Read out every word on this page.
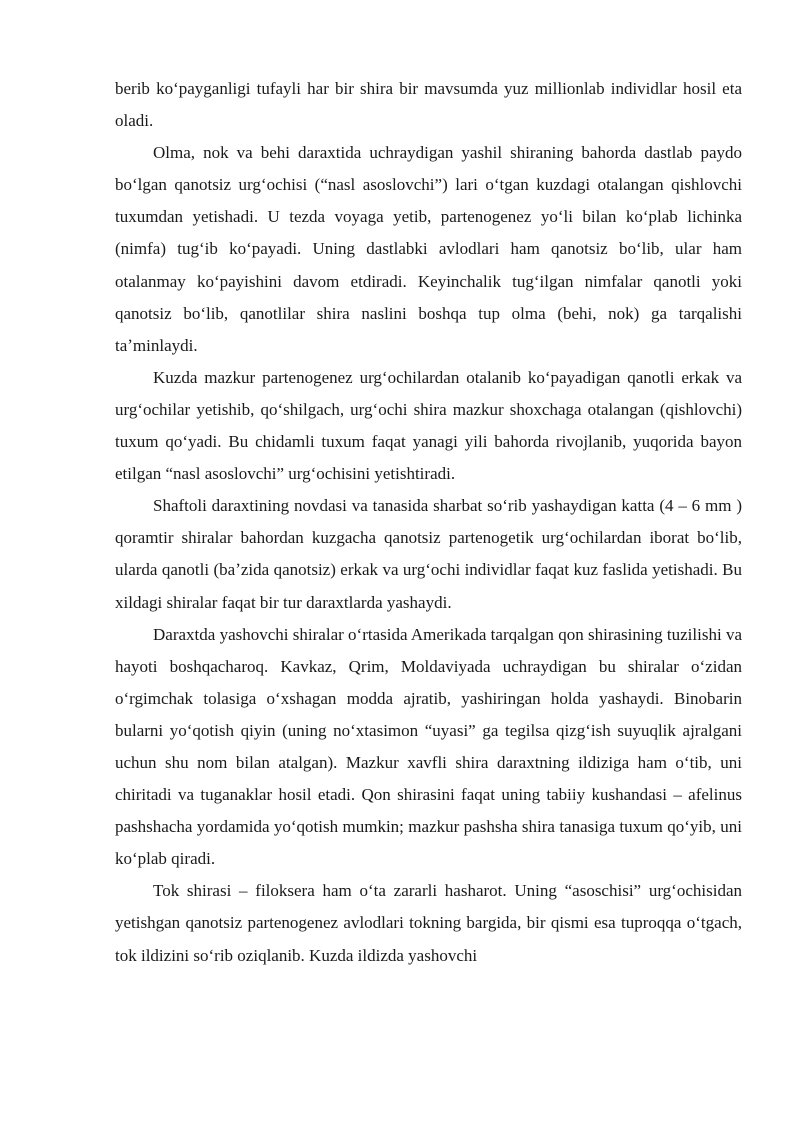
berib koʻpayganligi tufayli har bir shira bir mavsumda yuz millionlab individlar hosil eta oladi.

Olma, nok va behi daraxtida uchraydigan yashil shiraning bahorda dastlab paydo boʻlgan qanotsiz urgʻochisi (“nasl asoslovchi”) lari oʻtgan kuzdagi otalangan qishlovchi tuxumdan yetishadi. U tezda voyaga yetib, partenogenez yoʻli bilan koʻplab lichinka (nimfa) tugʻib koʻpayadi. Uning dastlabki avlodlari ham qanotsiz boʻlib, ular ham otalanmay koʻpayishini davom etdiradi. Keyinchalik tugʻilgan nimfalar qanotli yoki qanotsiz boʻlib, qanotlilar shira naslini boshqa tup olma (behi, nok) ga tarqalishi taʼminlaydi.

Kuzda mazkur partenogenez urgʻochilardan otalanib koʻpayadigan qanotli erkak va urgʻochilar yetishib, qoʻshilgach, urgʻochi shira mazkur shoxchaga otalangan (qishlovchi) tuxum qoʻyadi. Bu chidamli tuxum faqat yanagi yili bahorda rivojlanib, yuqorida bayon etilgan “nasl asoslovchi” urgʻochisini yetishtiradi.

Shaftoli daraxtining novdasi va tanasida sharbat soʻrib yashaydigan katta (4 – 6 mm ) qoramtir shiralar bahordan kuzgacha qanotsiz partenogetik urgʻochilardan iborat boʻlib, ularda qanotli (baʼzida qanotsiz) erkak va urgʻochi individlar faqat kuz faslida yetishadi. Bu xildagi shiralar faqat bir tur daraxtlarda yashaydi.

Daraxtda yashovchi shiralar oʻrtasida Amerikada tarqalgan qon shirasining tuzilishi va hayoti boshqacharoq. Kavkaz, Qrim, Moldaviyada uchraydigan bu shiralar oʻzidan oʻrgimchak tolasiga oʻxshagan modda ajratib, yashiringan holda yashaydi. Binobarin bularni yoʻqotish qiyin (uning noʻxtasimon “uyasi” ga tegilsa qizgʻish suyuqlik ajralgani uchun shu nom bilan atalgan). Mazkur xavfli shira daraxtning ildiziga ham oʻtib, uni chiritadi va tuganaklar hosil etadi. Qon shirasini faqat uning tabiiy kushandasi – afelinus pashshacha yordamida yoʻqotish mumkin; mazkur pashsha shira tanasiga tuxum qoʻyib, uni koʻplab qiradi.

Tok shirasi – filoksera ham oʻta zararli hasharot. Uning “asoschisi” urgʻochisidan yetishgan qanotsiz partenogenez avlodlari tokning bargida, bir qismi esa tuproqqa oʻtgach, tok ildizini soʻrib oziqlanib. Kuzda ildizda yashovchi
